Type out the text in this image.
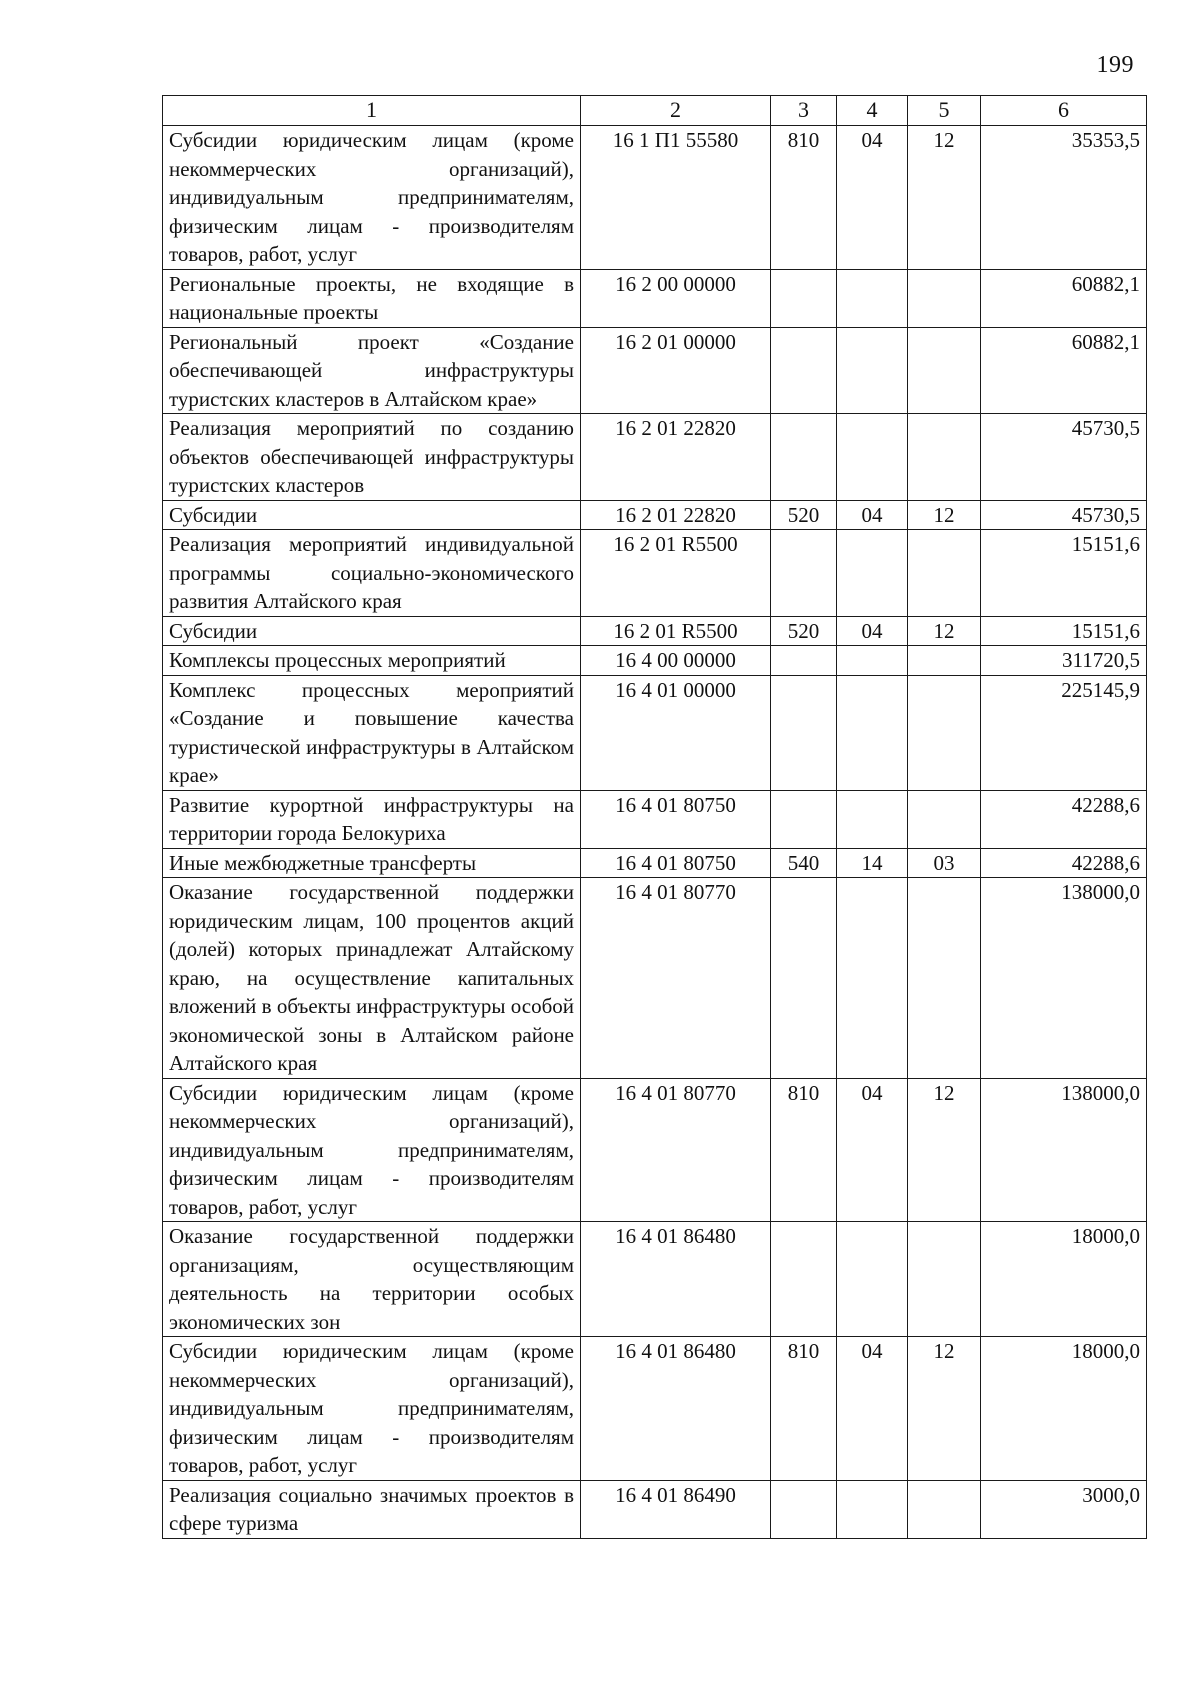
199
1	2	3	4	5	6
Субсидии юридическим лицам (кроме некоммерческих организаций), индивидуальным предпринимателям, физическим лицам - производителям товаров, работ, услуг	16 1 П1 55580	810	04	12	35353,5
Региональные проекты, не входящие в национальные проекты	16 2 00 00000				60882,1
Региональный проект «Создание обеспечивающей инфраструктуры туристских кластеров в Алтайском крае»	16 2 01 00000				60882,1
Реализация мероприятий по созданию объектов обеспечивающей инфраструктуры туристских кластеров	16 2 01 22820				45730,5
Субсидии	16 2 01 22820	520	04	12	45730,5
Реализация мероприятий индивидуальной программы социально-экономического развития Алтайского края	16 2 01 R5500				15151,6
Субсидии	16 2 01 R5500	520	04	12	15151,6
Комплексы процессных мероприятий	16 4 00 00000				311720,5
Комплекс процессных мероприятий «Создание и повышение качества туристической инфраструктуры в Алтайском крае»	16 4 01 00000				225145,9
Развитие курортной инфраструктуры на территории города Белокуриха	16 4 01 80750				42288,6
Иные межбюджетные трансферты	16 4 01 80750	540	14	03	42288,6
Оказание государственной поддержки юридическим лицам, 100 процентов акций (долей) которых принадлежат Алтайскому краю, на осуществление капитальных вложений в объекты инфраструктуры особой экономической зоны в Алтайском районе Алтайского края	16 4 01 80770				138000,0
Субсидии юридическим лицам (кроме некоммерческих организаций), индивидуальным предпринимателям, физическим лицам - производителям товаров, работ, услуг	16 4 01 80770	810	04	12	138000,0
Оказание государственной поддержки организациям, осуществляющим деятельность на территории особых экономических зон	16 4 01 86480				18000,0
Субсидии юридическим лицам (кроме некоммерческих организаций), индивидуальным предпринимателям, физическим лицам - производителям товаров, работ, услуг	16 4 01 86480	810	04	12	18000,0
Реализация социально значимых проектов в сфере туризма	16 4 01 86490				3000,0
